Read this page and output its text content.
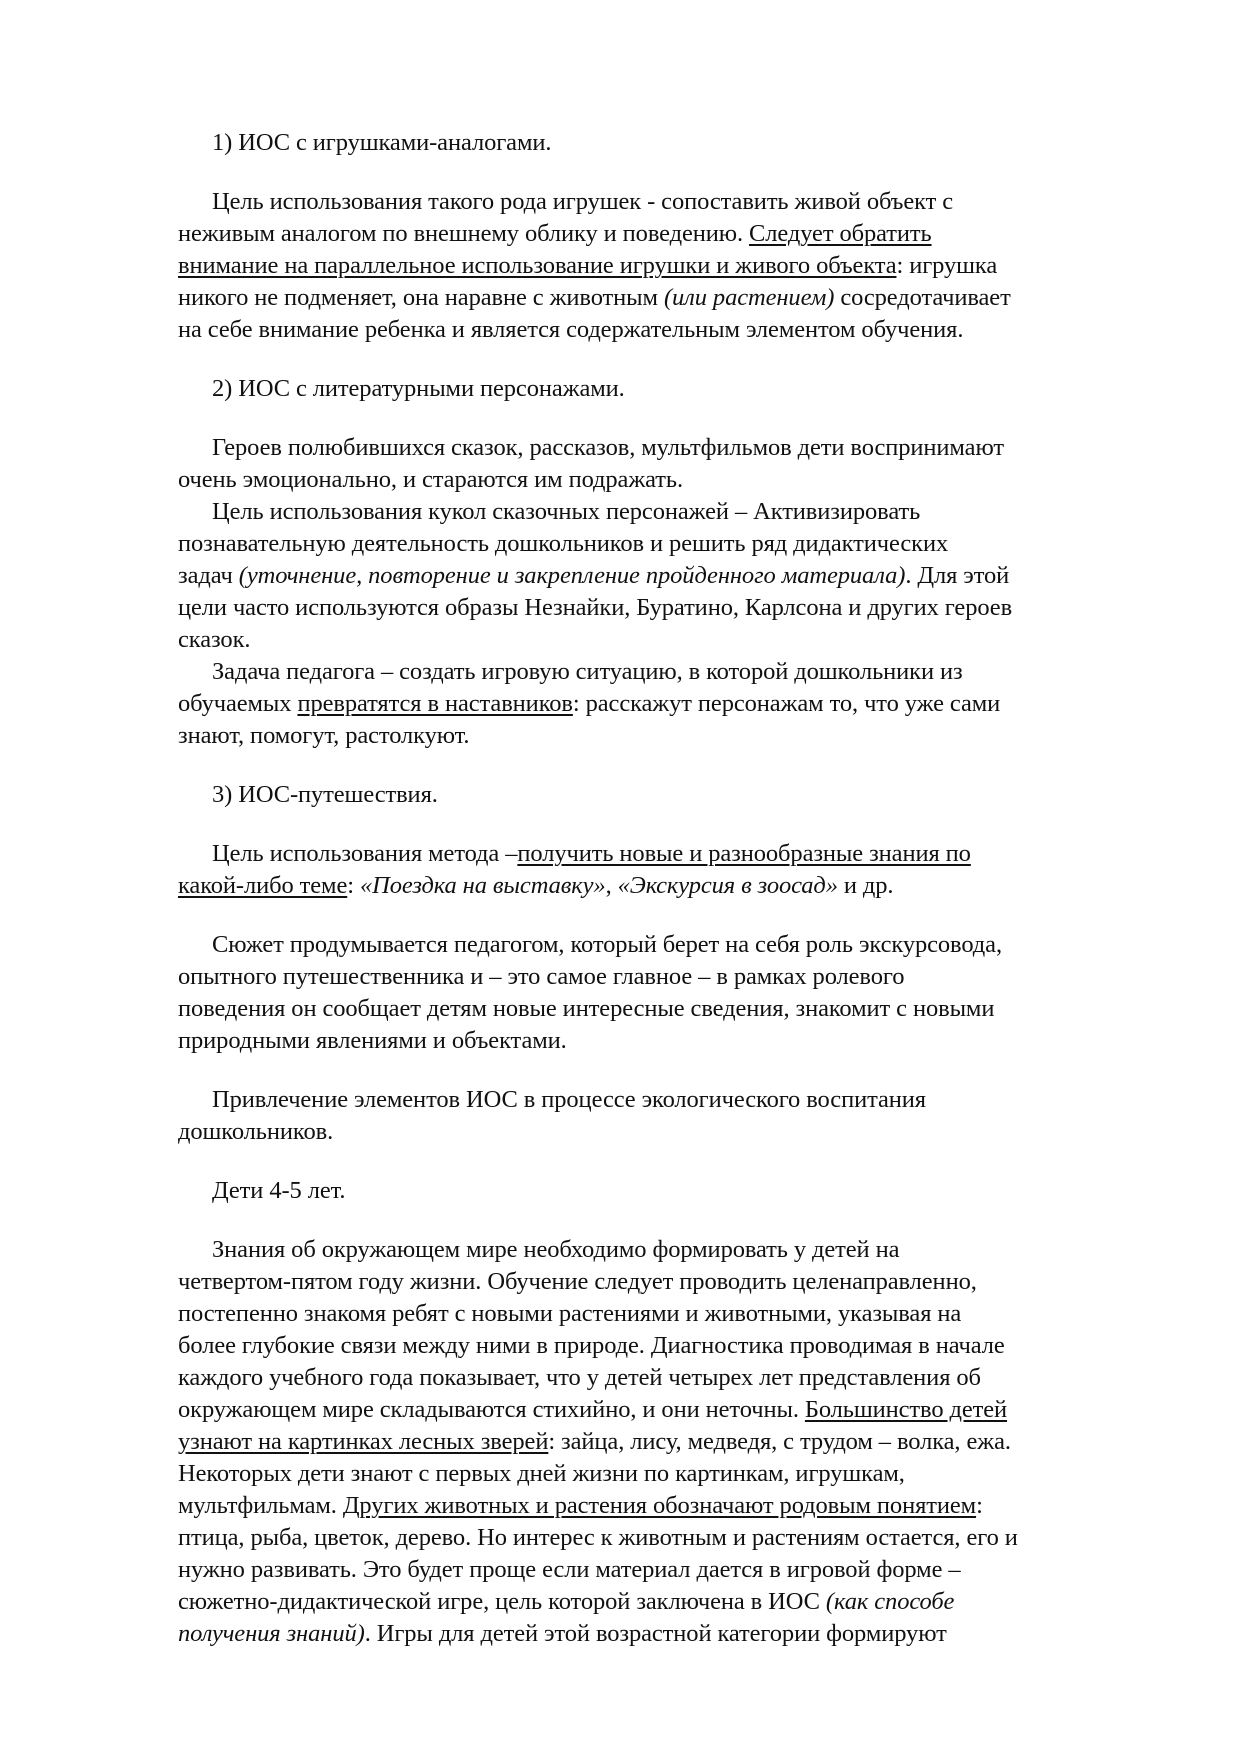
1) ИОС с игрушками-аналогами.
Цель использования такого рода игрушек - сопоставить живой объект с
неживым аналогом по внешнему облику и поведению. Следует обратить
внимание на параллельное использование игрушки и живого объекта: игрушка
никого не подменяет, она наравне с животным (или растением) сосредотачивает
на себе внимание ребенка и является содержательным элементом обучения.
2) ИОС с литературными персонажами.
Героев полюбившихся сказок, рассказов, мультфильмов дети воспринимают
очень эмоционально, и стараются им подражать.
Цель использования кукол сказочных персонажей – Активизировать
познавательную деятельность дошкольников и решить ряд дидактических
задач (уточнение, повторение и закрепление пройденного материала). Для этой
цели часто используются образы Незнайки, Буратино, Карлсона и других героев
сказок.
Задача педагога – создать игровую ситуацию, в которой дошкольники из
обучаемых превратятся в наставников: расскажут персонажам то, что уже сами
знают, помогут, растолкуют.
3) ИОС-путешествия.
Цель использования метода –получить новые и разнообразные знания по
какой-либо теме: «Поездка на выставку», «Экскурсия в зоосад» и др.
Сюжет продумывается педагогом, который берет на себя роль экскурсовода,
опытного путешественника и – это самое главное – в рамках ролевого
поведения он сообщает детям новые интересные сведения, знакомит с новыми
природными явлениями и объектами.
Привлечение элементов ИОС в процессе экологического воспитания
дошкольников.
Дети 4-5 лет.
Знания об окружающем мире необходимо формировать у детей на
четвертом-пятом году жизни. Обучение следует проводить целенаправленно,
постепенно знакомя ребят с новыми растениями и животными, указывая на
более глубокие связи между ними в природе. Диагностика проводимая в начале
каждого учебного года показывает, что у детей четырех лет представления об
окружающем мире складываются стихийно, и они неточны. Большинство детей
узнают на картинках лесных зверей: зайца, лису, медведя, с трудом – волка, ежа.
Некоторых дети знают с первых дней жизни по картинкам, игрушкам,
мультфильмам. Других животных и растения обозначают родовым понятием:
птица, рыба, цветок, дерево. Но интерес к животным и растениям остается, его и
нужно развивать. Это будет проще если материал дается в игровой форме –
сюжетно-дидактической игре, цель которой заключена в ИОС (как способе
получения знаний). Игры для детей этой возрастной категории формируют
